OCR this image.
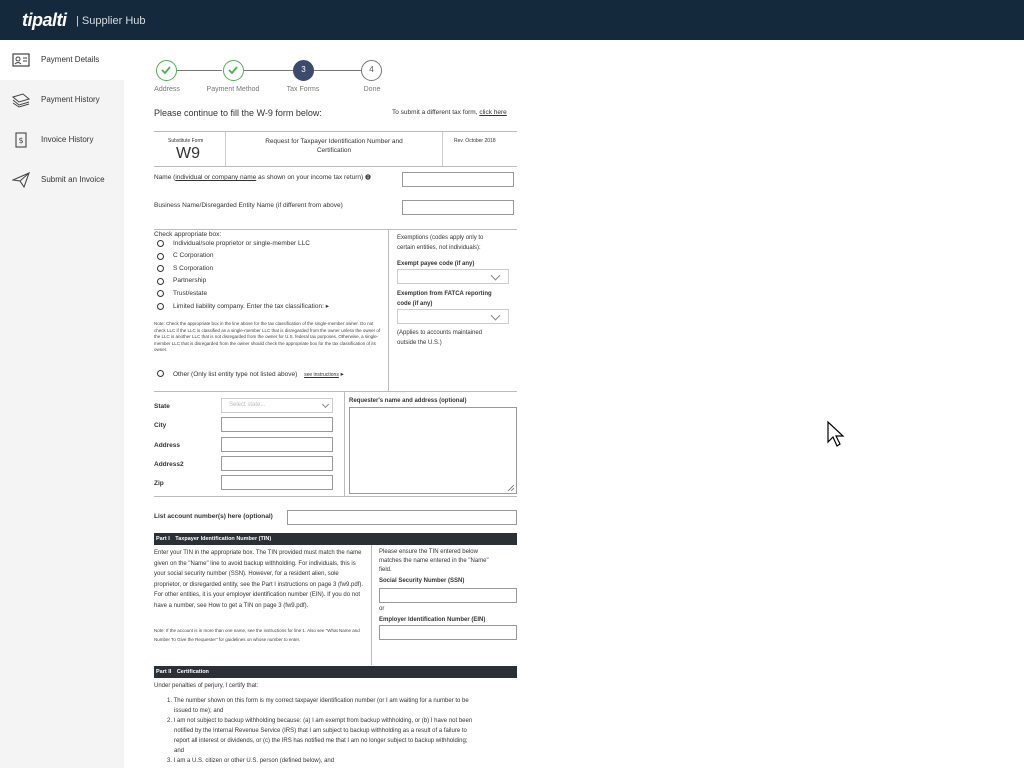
tipalti | Supplier Hub
Payment Details
Payment History
$ Invoice History
Submit an Invoice
Address	Payment Method
3
Tax Forms
4
Done
Please continue to fill the W-9 form below:	To submit a different tax form, click here
Substitute Form
W9
Request for Taxpayer Identification Number and
Certification
Rev. October 2018
Name (individual or company name as shown on your income tax return)
Business Name/Disregarded Entity Name (if different from above)
Check appropriate box:
Individual/sole proprietor or single-member LLC
C Corporation
S Corporation
Partnership
Trust/estate
Limited liability company. Enter the tax classification: ▸
Note: Check the appropriate box in the line above for the tax classification of the single-member owner. Do not check LLC if the LLC is classified as a single-member LLC that is disregarded from the owner unless the owner of the LLC is another LLC that is not disregarded from the owner for U.S. federal tax purposes. Otherwise, a single-member LLC that is disregarded from the owner should check the appropriate box for the tax classification of its owner.
Other (Only list entity type not listed above) see instructions ▸
Exemptions (codes apply only to
certain entities, not individuals):
Exempt payee code (if any)
Exemption from FATCA reporting
code (if any)
(Applies to accounts maintained
outside the U.S.)
State	Select state...
City
Address
Address2
Zip
Requester's name and address (optional)
List account number(s) here (optional)
Part I Taxpayer Identification Number (TIN)
Enter your TIN in the appropriate box. The TIN provided must match the name given on the "Name" line to avoid backup withholding. For individuals, this is your social security number (SSN). However, for a resident alien, sole proprietor, or disregarded entity, see the Part I instructions on page 3 (fw9.pdf). For other entities, it is your employer identification number (EIN). If you do not have a number, see How to get a TIN on page 3 (fw9.pdf).
Note: If the account is in more than one name, see the instructions for line 1. Also see "What Name and Number To Give the Requester" for guidelines on whose number to enter.
Please ensure the TIN entered below
matches the name entered in the "Name"
field.
Social Security Number (SSN)
or
Employer Identification Number (EIN)
Part II Certification
Under penalties of perjury, I certify that:
1. The number shown on this form is my correct taxpayer identification number (or I am waiting for a number to be
issued to me); and
2. I am not subject to backup withholding because: (a) I am exempt from backup withholding, or (b) I have not been
notified by the Internal Revenue Service (IRS) that I am subject to backup withholding as a result of a failure to
report all interest or dividends, or (c) the IRS has notified me that I am no longer subject to backup withholding;
and
3. I am a U.S. citizen or other U.S. person (defined below), and
